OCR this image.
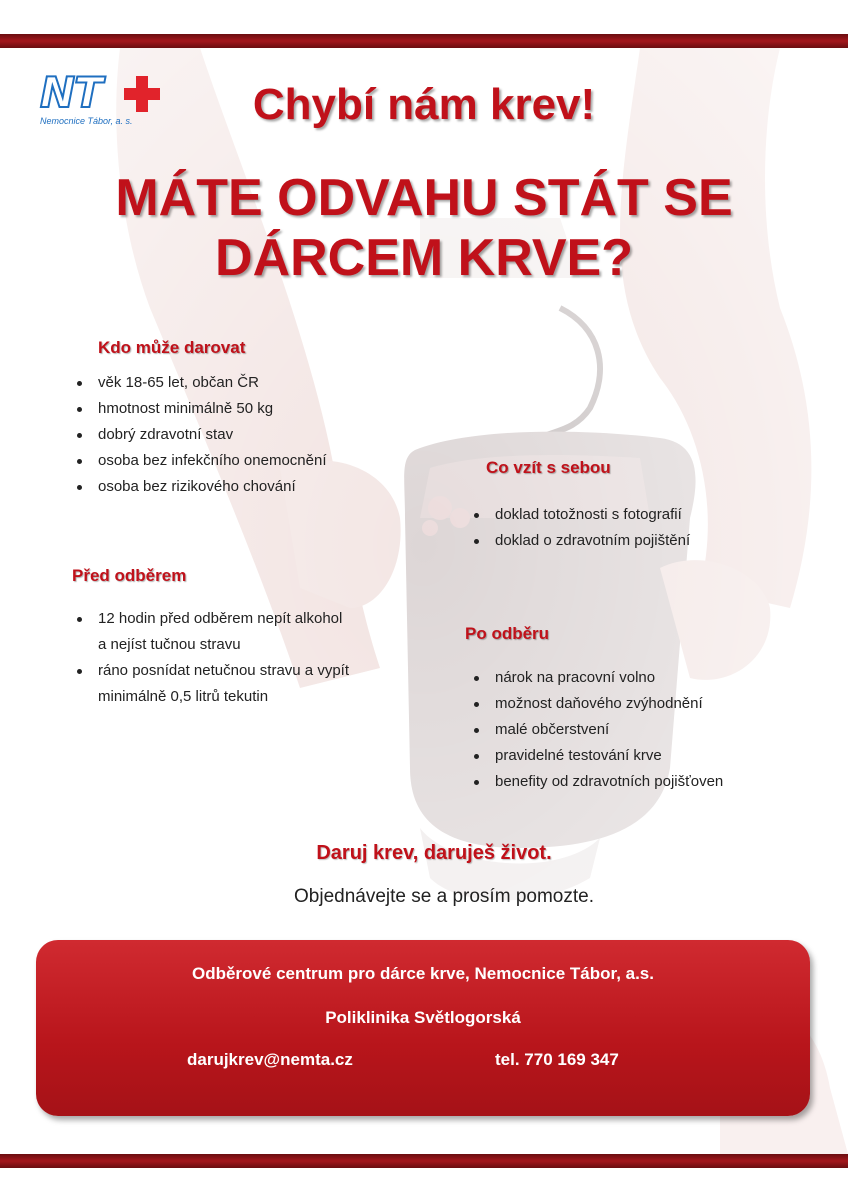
NT
Nemocnice Tábor, a. s.	Chybí nám krev!
MÁTE ODVAHU STÁT SE
DÁRCEM KRVE?
Kdo může darovat
věk 18-65 let, občan ČR
hmotnost minimálně 50 kg
dobrý zdravotní stav
osoba bez infekčního onemocnění
osoba bez rizikového chování
Co vzít s sebou
doklad totožnosti s fotografií
doklad o zdravotním pojištění
Před odběrem
12 hodin před odběrem nepít alkohol
a nejíst tučnou stravu
ráno posnídat netučnou stravu a vypít
minimálně 0,5 litrů tekutin
Po odběru
nárok na pracovní volno
možnost daňového zvýhodnění
malé občerstvení
pravidelné testování krve
benefity od zdravotních pojišťoven
Daruj krev, daruješ život.
Objednávejte se a prosím pomozte.
Odběrové centrum pro dárce krve, Nemocnice Tábor, a.s.
Poliklinika Světlogorská
darujkrev@nemta.cz	tel. 770 169 347
